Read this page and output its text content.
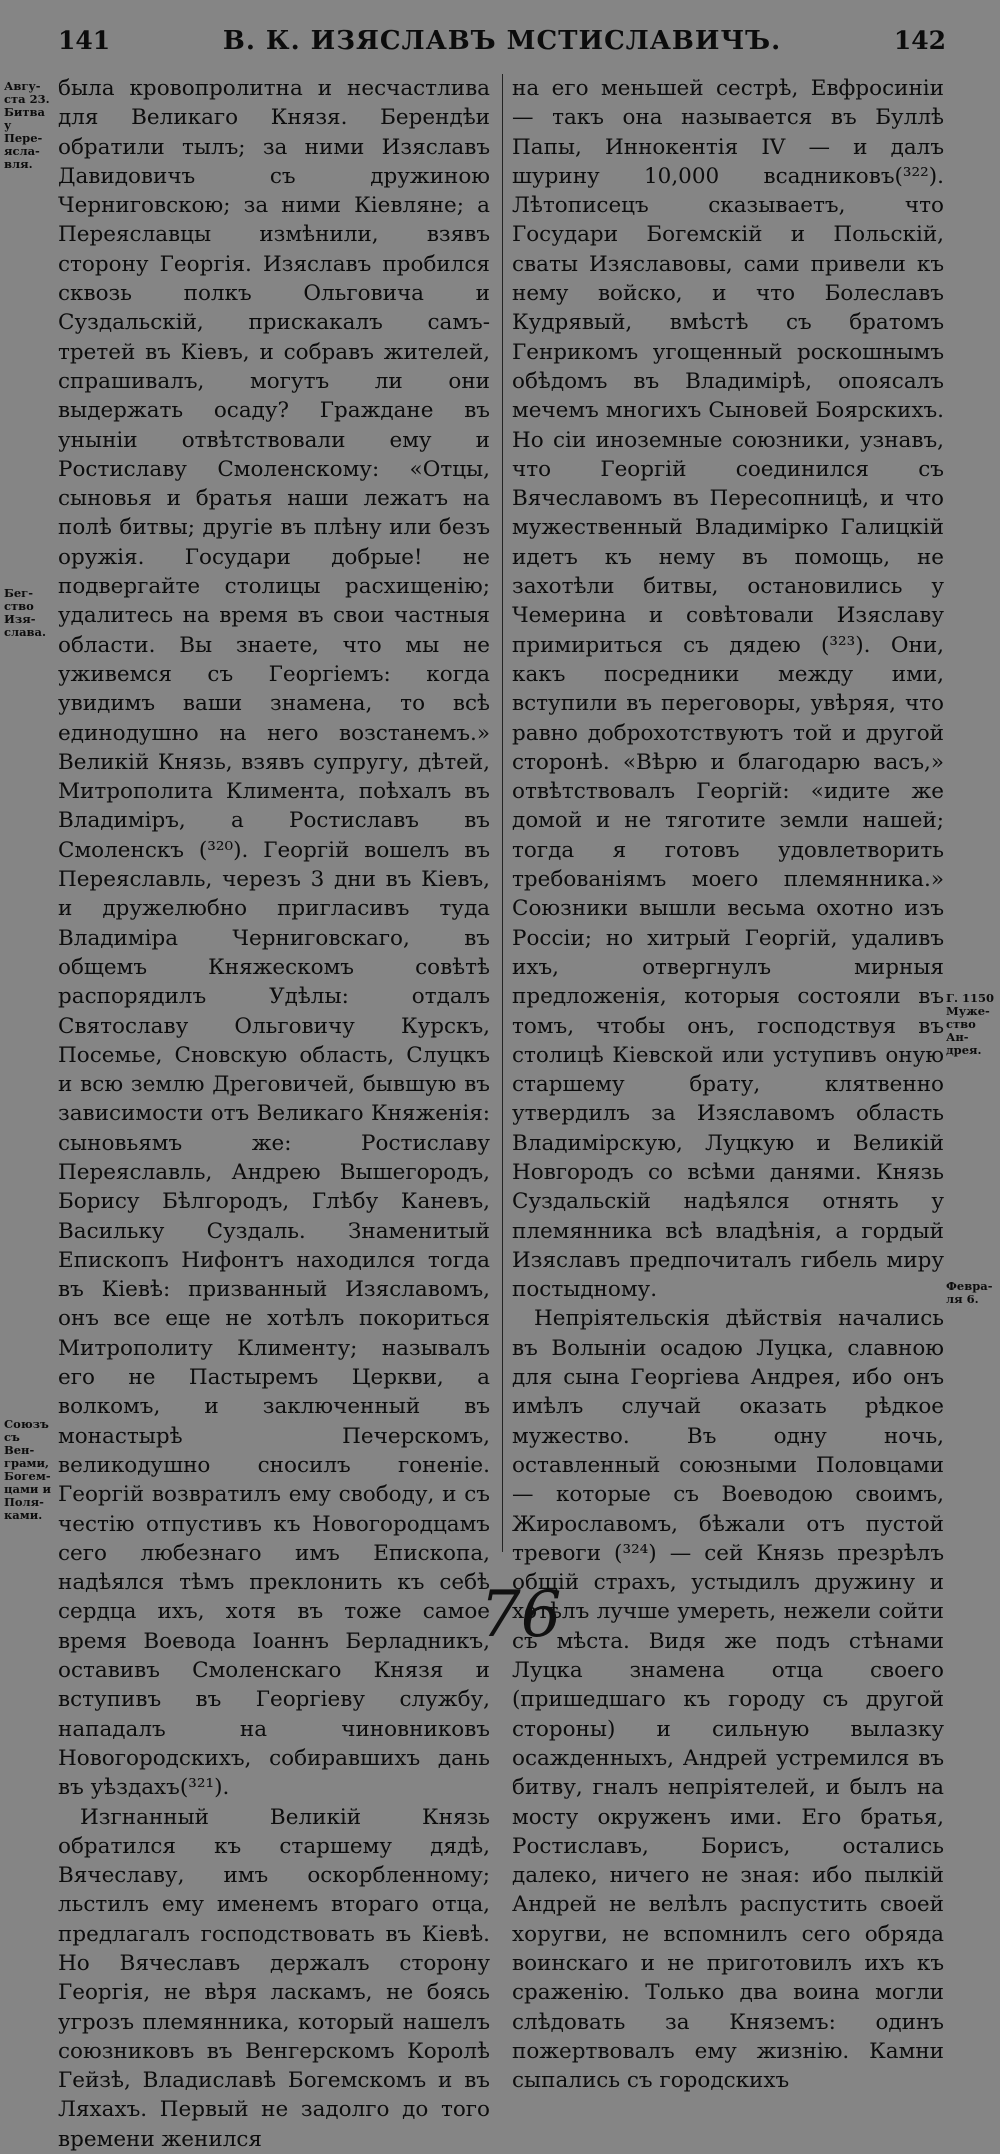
141	В. К. ИЗЯСЛАВЪ МСТИСЛАВИЧЪ.	142
Авгу-ста 23. Битва у Пере-ясла-вля.
Бег-ство Изя-слава.
Союзъ съ Вен-грами, Богем-цами и Поля-ками.
Г. 1150 Муже-ство Ан-дрея.
Февра-ля 6.

была кровопролитна и несчастлива для Великаго Князя. Берендѣи обратили тылъ; за ними Изяславъ Давидовичъ съ дружиною Черниговскою; за ними Кіевляне; а Переяславцы измѣнили, взявъ сторону Георгія. Изяславъ пробился сквозь полкъ Ольговича и Суздальскій, прискакалъ самъ-третей въ Кіевъ, и собравъ жителей, спрашивалъ, могутъ ли они выдержать осаду? Граждане въ уныніи отвѣтствовали ему и Ростиславу Смоленскому: «Отцы, сыновья и братья наши лежатъ на полѣ битвы; другіе въ плѣну или безъ оружія. Государи добрые! не подвергайте столицы расхищенію; удалитесь на время въ свои частныя области. Вы знаете, что мы не уживемся съ Георгіемъ: когда увидимъ ваши знамена, то всѣ единодушно на него возстанемъ.» Великій Князь, взявъ супругу, дѣтей, Митрополита Климента, поѣхалъ въ Владиміръ, а Ростиславъ въ Смоленскъ (³²⁰). Георгій вошелъ въ Переяславль, черезъ 3 дни въ Кіевъ, и дружелюбно пригласивъ туда Владиміра Черниговскаго, въ общемъ Княжескомъ совѣтѣ распорядилъ Удѣлы: отдалъ Святославу Ольговичу Курскъ, Посемье, Сновскую область, Слуцкъ и всю землю Дреговичей, бывшую въ зависимости отъ Великаго Княженія: сыновьямъ же: Ростиславу Переяславль, Андрею Вышегородъ, Борису Бѣлгородъ, Глѣбу Каневъ, Васильку Суздаль. Знаменитый Епископъ Нифонтъ находился тогда въ Кіевѣ: призванный Изяславомъ, онъ все еще не хотѣлъ покориться Митрополиту Клименту; называлъ его не Пастыремъ Церкви, а волкомъ, и заключенный въ монастырѣ Печерскомъ, великодушно сносилъ гоненіе. Георгій возвратилъ ему свободу, и съ честію отпустивъ къ Новогородцамъ сего любезнаго имъ Епископа, надѣялся тѣмъ преклонить къ себѣ сердца ихъ, хотя въ тоже самое время Воевода Іоаннъ Берладникъ, оставивъ Смоленскаго Князя и вступивъ въ Георгіеву службу, нападалъ на чиновниковъ Новогородскихъ, собиравшихъ дань въ уѣздахъ(³²¹).

Изгнанный Великій Князь обратился къ старшему дядѣ, Вячеславу, имъ оскорбленному; льстилъ ему именемъ втораго отца, предлагалъ господствовать въ Кіевѣ. Но Вячеславъ держалъ сторону Георгія, не вѣря ласкамъ, не боясь угрозъ племянника, который нашелъ союзниковъ въ Венгерскомъ Королѣ Гейзѣ, Владиславѣ Богемскомъ и въ Ляхахъ. Первый не задолго до того времени женился

на его меньшей сестрѣ, Евфросиніи — такъ она называется въ Буллѣ Папы, Иннокентія IV — и далъ шурину 10,000 всадниковъ(³²²). Лѣтописецъ сказываетъ, что Государи Богемскій и Польскій, сваты Изяславовы, сами привели къ нему войско, и что Болеславъ Кудрявый, вмѣстѣ съ братомъ Генрикомъ угощенный роскошнымъ обѣдомъ въ Владимірѣ, опоясалъ мечемъ многихъ Сыновей Боярскихъ. Но сіи иноземные союзники, узнавъ, что Георгій соединился съ Вячеславомъ въ Пересопницѣ, и что мужественный Владимірко Галицкій идетъ къ нему въ помощь, не захотѣли битвы, остановились у Чемерина и совѣтовали Изяславу примириться съ дядею (³²³). Они, какъ посредники между ими, вступили въ переговоры, увѣряя, что равно доброхотствуютъ той и другой сторонѣ. «Вѣрю и благодарю васъ,» отвѣтствовалъ Георгій: «идите же домой и не тяготите земли нашей; тогда я готовъ удовлетворить требованіямъ моего племянника.» Союзники вышли весьма охотно изъ Россіи; но хитрый Георгій, удаливъ ихъ, отвергнулъ мирныя предложенія, которыя состояли въ томъ, чтобы онъ, господствуя въ столицѣ Кіевской или уступивъ оную старшему брату, клятвенно утвердилъ за Изяславомъ область Владимірскую, Луцкую и Великій Новгородъ со всѣми данями. Князь Суздальскій надѣялся отнять у племянника всѣ владѣнія, а гордый Изяславъ предпочиталъ гибель миру постыдному.

Непріятельскія дѣйствія начались въ Волыніи осадою Луцка, славною для сына Георгіева Андрея, ибо онъ имѣлъ случай оказать рѣдкое мужество. Въ одну ночь, оставленный союзными Половцами — которые съ Воеводою своимъ, Жирославомъ, бѣжали отъ пустой тревоги (³²⁴) — сей Князь презрѣлъ общій страхъ, устыдилъ дружину и хотѣлъ лучше умереть, нежели сойти съ мѣста. Видя же подъ стѣнами Луцка знамена отца своего (пришедшаго къ городу съ другой стороны) и сильную вылазку осажденныхъ, Андрей устремился въ битву, гналъ непріятелей, и былъ на мосту окруженъ ими. Его братья, Ростиславъ, Борисъ, остались далеко, ничего не зная: ибо пылкій Андрей не велѣлъ распустить своей хоругви, не вспомнилъ сего обряда воинскаго и не приготовилъ ихъ къ сраженію. Только два воина могли слѣдовать за Княземъ: одинъ пожертвовалъ ему жизнію. Камни сыпались съ городскихъ

76
